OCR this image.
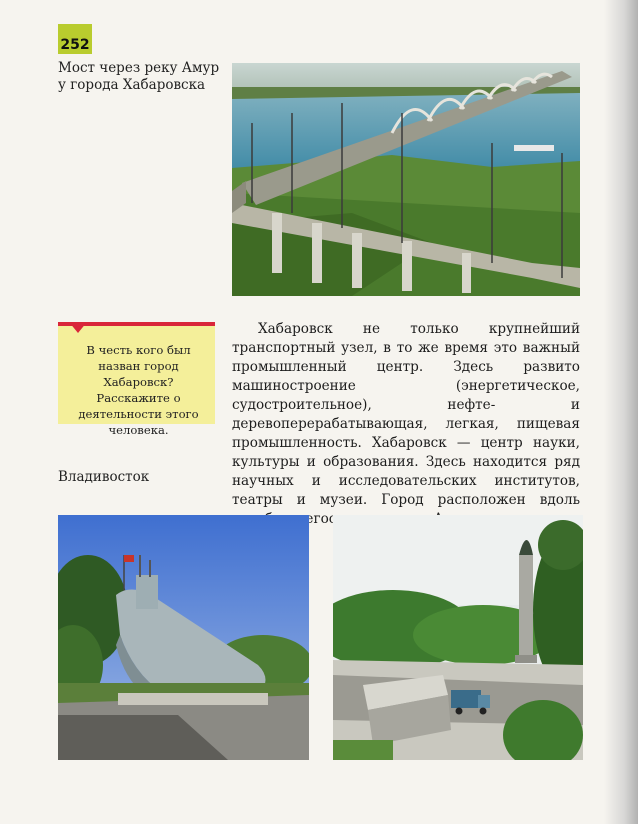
252
Мост через реку Амур
у города Хабаровска
В честь кого был назван город Хабаровск? Расскажите о деятельности этого человека.

Хабаровск не только крупнейший транспортный узел, в то же время это важный промышленный центр. Здесь развито машиностроение (энергетическое, судостроительное), нефте- и деревоперерабатывающая, легкая, пищевая промышленность. Хабаровск — центр науки, культуры и образования. Здесь находится ряд научных и исследовательских институтов, театры и музеи. Город расположен вдоль

Владивосток
